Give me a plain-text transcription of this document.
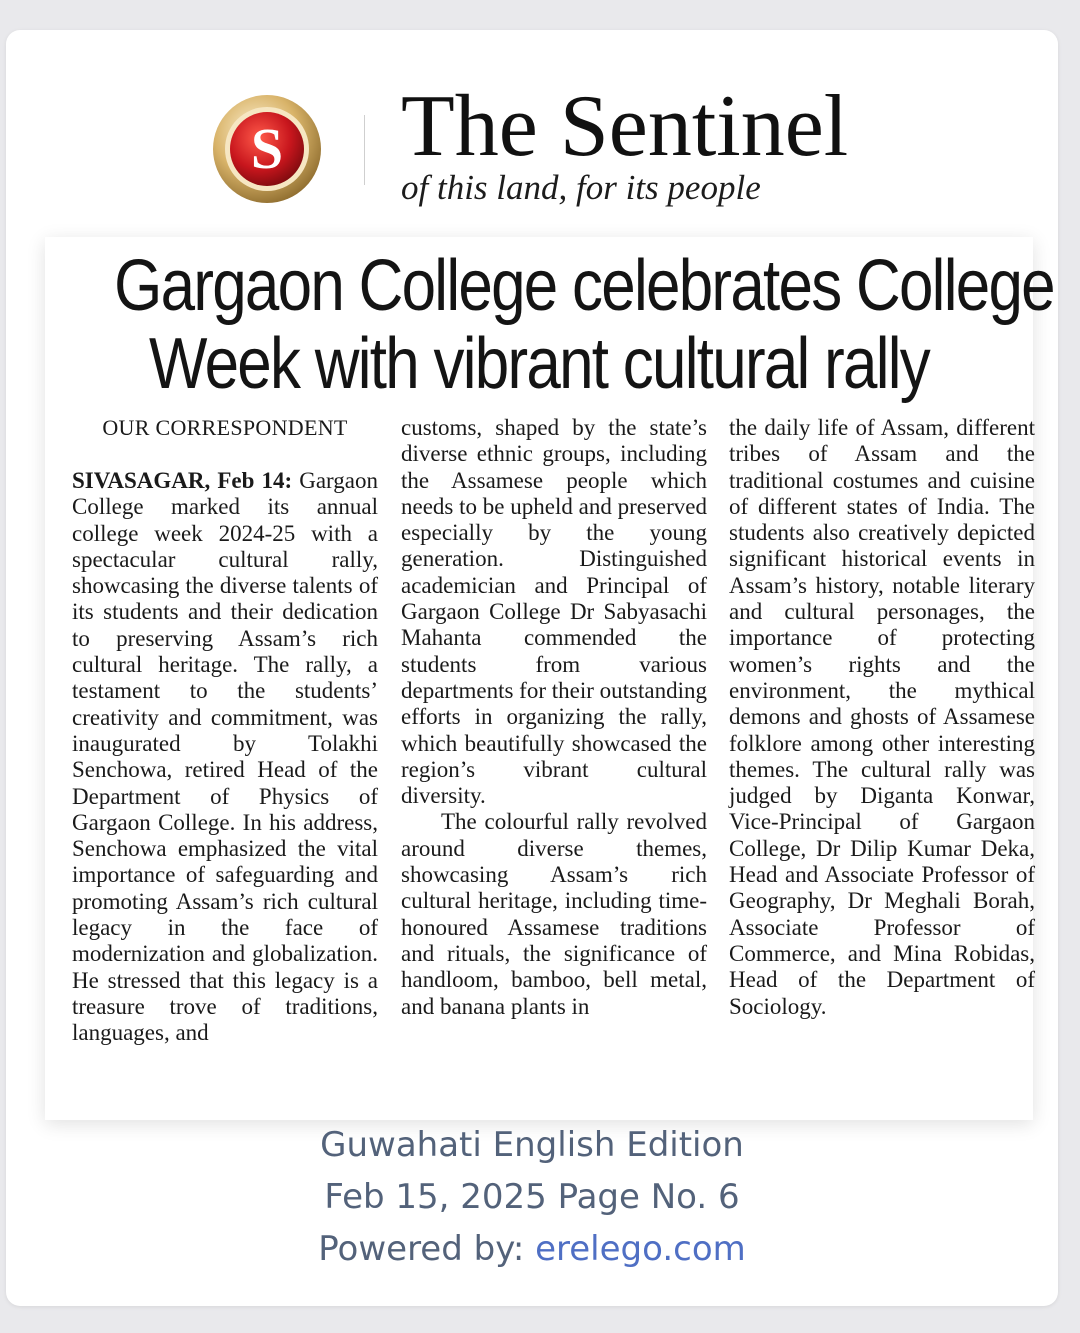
S The Sentinel
of this land, for its people
Gargaon College celebrates College
Week with vibrant cultural rally
OUR CORRESPONDENT

SIVASAGAR, Feb 14: Gargaon College marked its annual college week 2024-25 with a spectacular cultural rally, showcasing the diverse talents of its students and their dedication to preserving Assam’s rich cultural heritage. The rally, a testament to the students’ creativity and commitment, was inaugurated by Tolakhi Senchowa, retired Head of the Department of Physics of Gargaon College. In his address, Senchowa emphasized the vital importance of safeguarding and promoting Assam’s rich cultural legacy in the face of modernization and globalization. He stressed that this legacy is a treasure trove of traditions, languages, and

customs, shaped by the state’s diverse ethnic groups, including the Assamese people which needs to be upheld and preserved especially by the young generation. Distinguished academician and Principal of Gargaon College Dr Sabyasachi Mahanta commended the students from various departments for their outstanding efforts in organizing the rally, which beautifully showcased the region’s vibrant cultural diversity.

The colourful rally revolved around diverse themes, showcasing Assam’s rich cultural heritage, including time-honoured Assamese traditions and rituals, the significance of handloom, bamboo, bell metal, and banana plants in

the daily life of Assam, different tribes of Assam and the traditional costumes and cuisine of different states of India. The students also creatively depicted significant historical events in Assam’s history, notable literary and cultural personages, the importance of protecting women’s rights and the environment, the mythical demons and ghosts of Assamese folklore among other interesting themes. The cultural rally was judged by Diganta Konwar, Vice-Principal of Gargaon College, Dr Dilip Kumar Deka, Head and Associate Professor of Geography, Dr Meghali Borah, Associate Professor of Commerce, and Mina Robidas, Head of the Department of Sociology.

Guwahati English Edition
Feb 15, 2025 Page No. 6
Powered by: erelego.com
